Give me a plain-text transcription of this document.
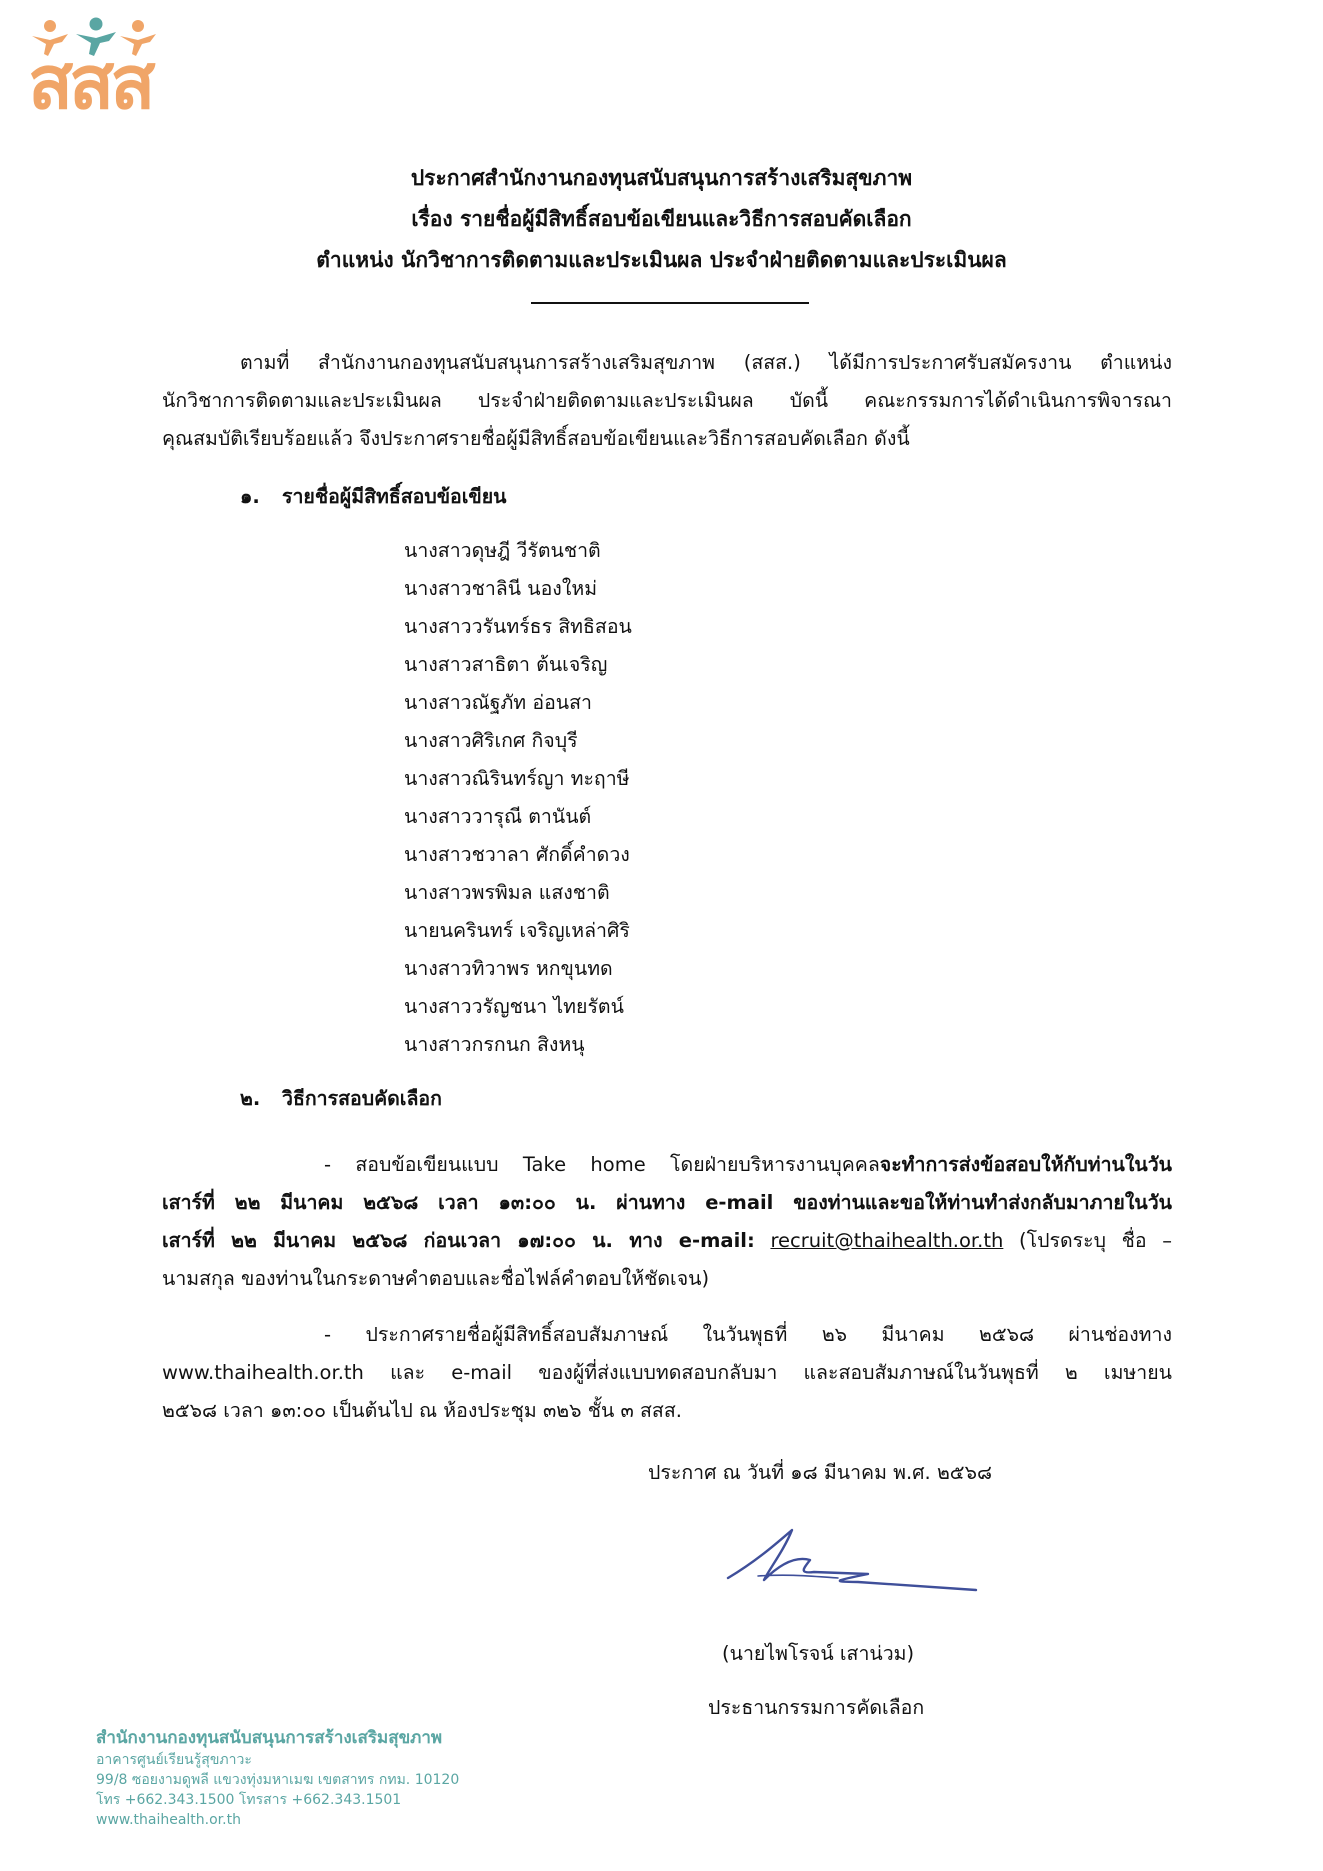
สสส
ประกาศสำนักงานกองทุนสนับสนุนการสร้างเสริมสุขภาพ
เรื่อง รายชื่อผู้มีสิทธิ์สอบข้อเขียนและวิธีการสอบคัดเลือก
ตำแหน่ง นักวิชาการติดตามและประเมินผล ประจำฝ่ายติดตามและประเมินผล
ตามที่ สำนักงานกองทุนสนับสนุนการสร้างเสริมสุขภาพ (สสส.) ได้มีการประกาศรับสมัครงาน ตำแหน่ง
นักวิชาการติดตามและประเมินผล ประจำฝ่ายติดตามและประเมินผล บัดนี้ คณะกรรมการได้ดำเนินการพิจารณา
คุณสมบัติเรียบร้อยแล้ว จึงประกาศรายชื่อผู้มีสิทธิ์สอบข้อเขียนและวิธีการสอบคัดเลือก ดังนี้
๑. รายชื่อผู้มีสิทธิ์สอบข้อเขียน
นางสาวดุษฎี วีรัตนชาติ
นางสาวชาลินี นองใหม่
นางสาววรันทร์ธร สิทธิสอน
นางสาวสาธิตา ต้นเจริญ
นางสาวณัฐภัท อ่อนสา
นางสาวศิริเกศ กิจบุรี
นางสาวณิรินทร์ญา ทะฤาษี
นางสาววารุณี ตานันต์
นางสาวชวาลา ศักดิ์คำดวง
นางสาวพรพิมล แสงชาติ
นายนครินทร์ เจริญเหล่าศิริ
นางสาวทิวาพร หกขุนทด
นางสาววรัญชนา ไทยรัตน์
นางสาวกรกนก สิงหนุ
๒. วิธีการสอบคัดเลือก
- สอบข้อเขียนแบบ Take home โดยฝ่ายบริหารงานบุคคลจะทำการส่งข้อสอบให้กับท่านในวัน
เสาร์ที่ ๒๒ มีนาคม ๒๕๖๘ เวลา ๑๓:๐๐ น. ผ่านทาง e-mail ของท่านและขอให้ท่านทำส่งกลับมาภายในวัน
เสาร์ที่ ๒๒ มีนาคม ๒๕๖๘ ก่อนเวลา ๑๗:๐๐ น. ทาง e-mail: recruit@thaihealth.or.th (โปรดระบุ ชื่อ –
นามสกุล ของท่านในกระดาษคำตอบและชื่อไฟล์คำตอบให้ชัดเจน)
- ประกาศรายชื่อผู้มีสิทธิ์สอบสัมภาษณ์ ในวันพุธที่ ๒๖ มีนาคม ๒๕๖๘ ผ่านช่องทาง
www.thaihealth.or.th และ e-mail ของผู้ที่ส่งแบบทดสอบกลับมา และสอบสัมภาษณ์ในวันพุธที่ ๒ เมษายน
๒๕๖๘ เวลา ๑๓:๐๐ เป็นต้นไป ณ ห้องประชุม ๓๒๖ ชั้น ๓ สสส.
ประกาศ ณ วันที่ ๑๘ มีนาคม พ.ศ. ๒๕๖๘
(นายไพโรจน์ เสาน่วม)
ประธานกรรมการคัดเลือก
สำนักงานกองทุนสนับสนุนการสร้างเสริมสุขภาพ
อาคารศูนย์เรียนรู้สุขภาวะ
99/8 ซอยงามดูพลี แขวงทุ่งมหาเมฆ เขตสาทร กทม. 10120
โทร +662.343.1500 โทรสาร +662.343.1501
www.thaihealth.or.th
